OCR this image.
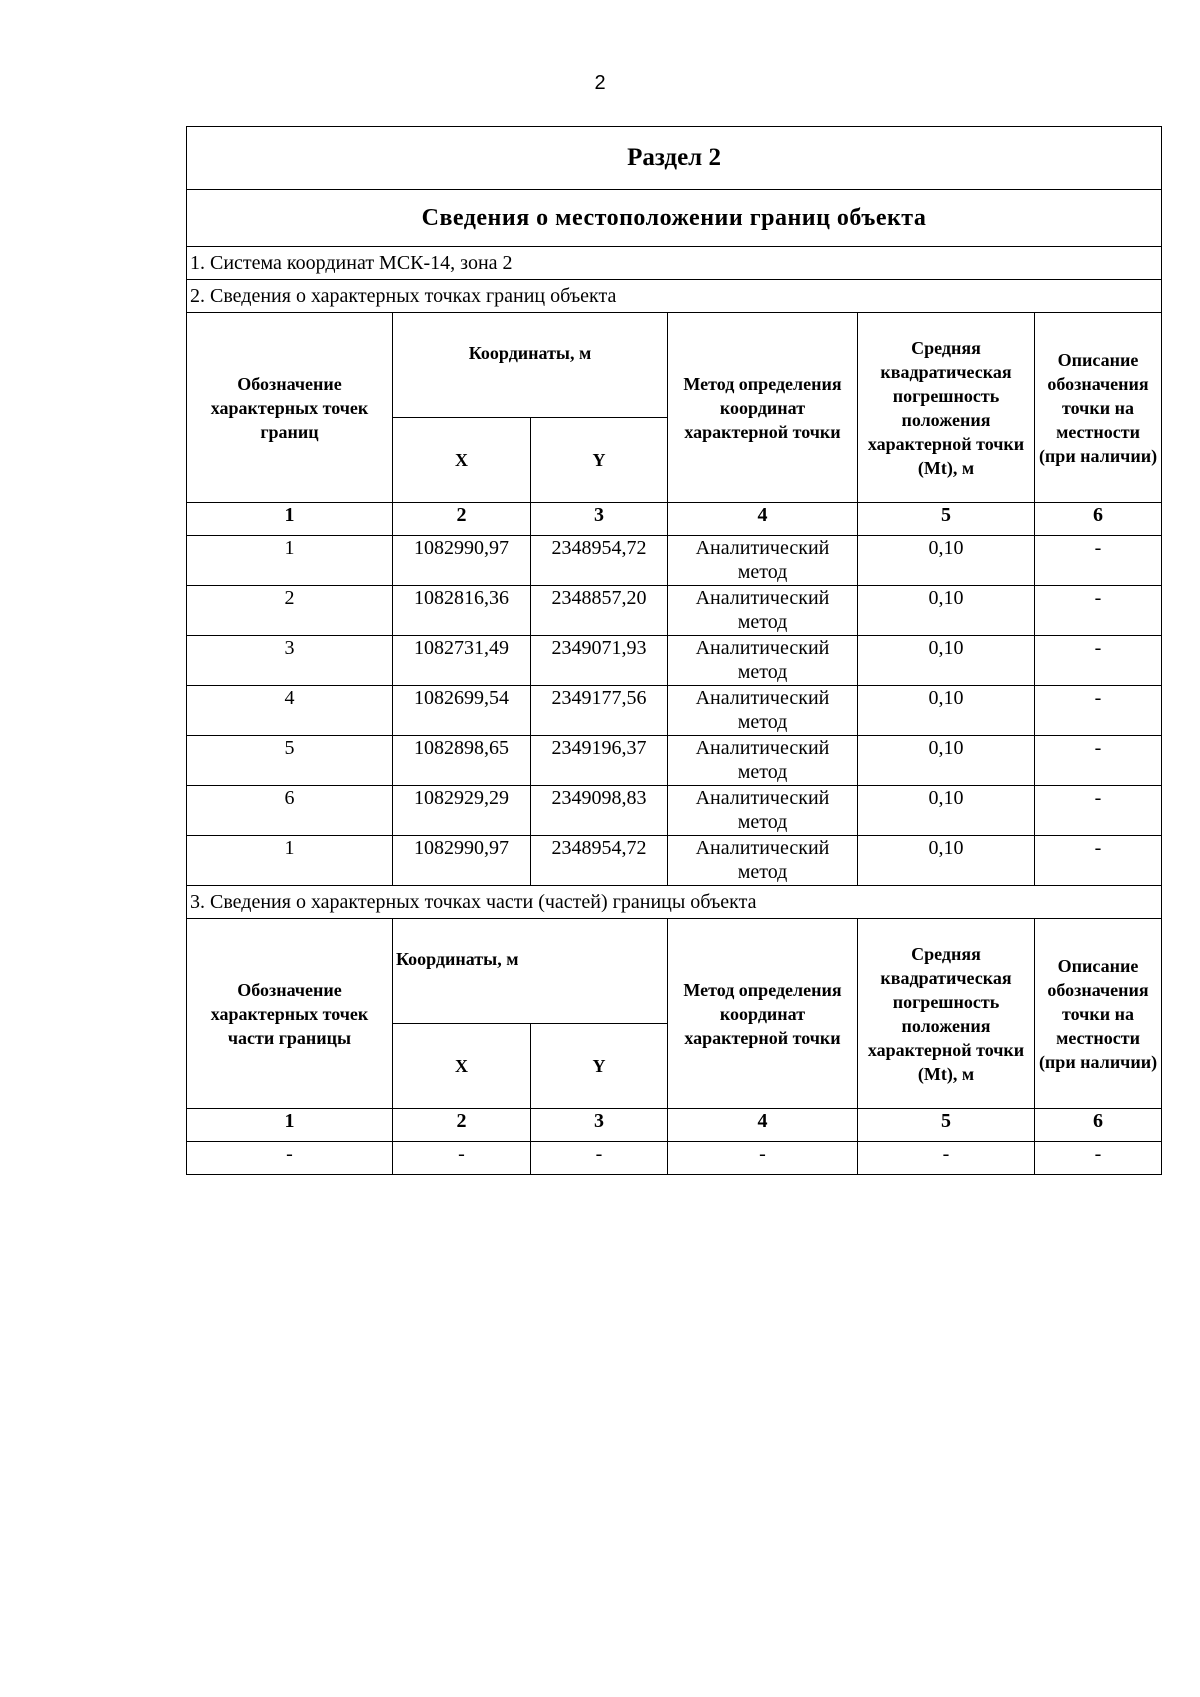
2
Раздел 2					
Сведения о местоположении границ объекта					
1. Система координат МСК-14, зона 2					
2. Сведения о характерных точках границ объекта					
Обозначение характерных точек границ	Координаты, м		Метод определения координат характерной точки	Средняя квадратическая погрешность положения характерной точки (Mt), м	Описание обозначения точки на местности (при наличии)
	X	Y			
1	2	3	4	5	6
1	1082990,97	2348954,72	Аналитический метод	0,10	-
2	1082816,36	2348857,20	Аналитический метод	0,10	-
3	1082731,49	2349071,93	Аналитический метод	0,10	-
4	1082699,54	2349177,56	Аналитический метод	0,10	-
5	1082898,65	2349196,37	Аналитический метод	0,10	-
6	1082929,29	2349098,83	Аналитический метод	0,10	-
1	1082990,97	2348954,72	Аналитический метод	0,10	-
3. Сведения о характерных точках части (частей) границы объекта					
Обозначение характерных точек части границы	Координаты, м		Метод определения координат характерной точки	Средняя квадратическая погрешность положения характерной точки (Mt), м	Описание обозначения точки на местности (при наличии)
	X	Y			
1	2	3	4	5	6
-	-	-	-	-	-
